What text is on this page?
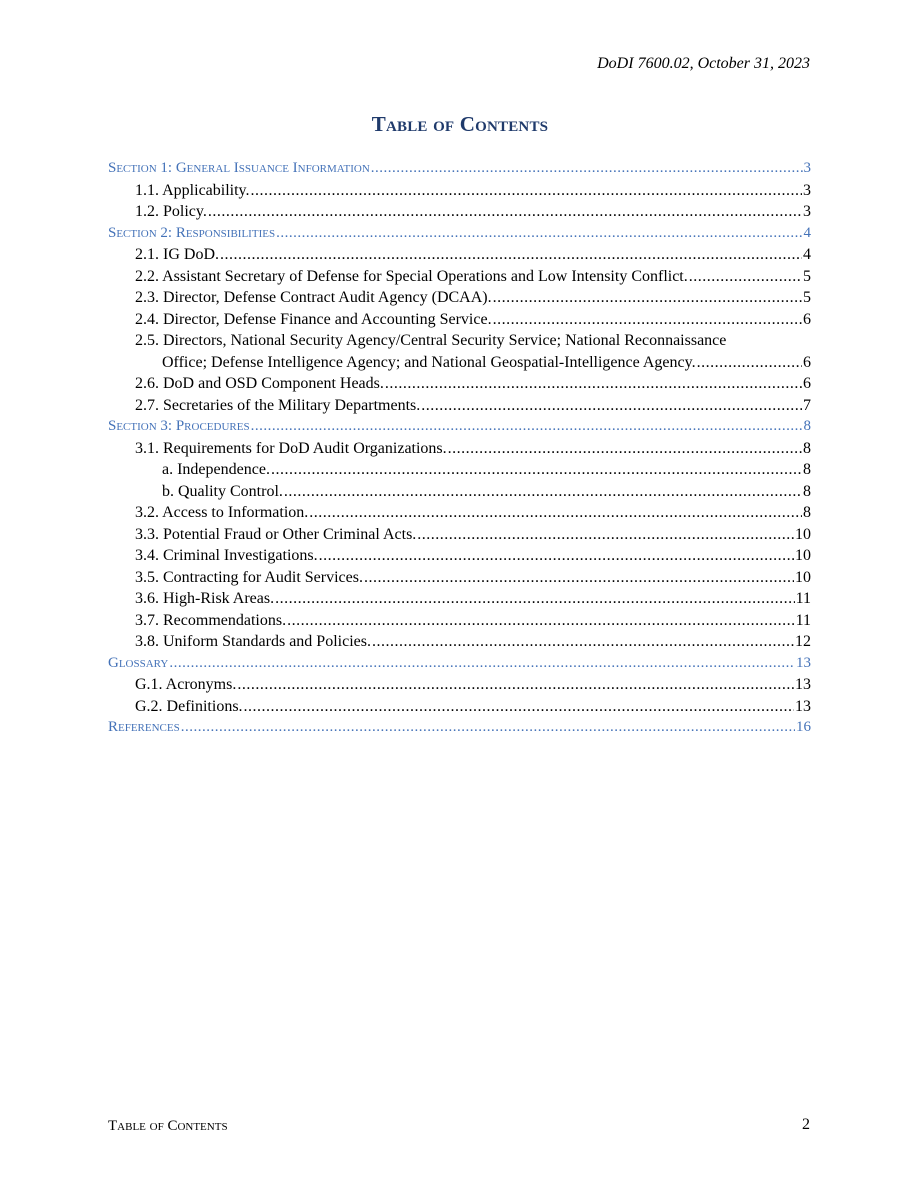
DoDI 7600.02, October 31, 2023
Table of Contents
Section 1: General Issuance Information .....	3
1.1. Applicability. .....	3
1.2. Policy. .....	3
Section 2: Responsibilities .....	4
2.1. IG DoD. .....	4
2.2. Assistant Secretary of Defense for Special Operations and Low Intensity Conflict. .....	5
2.3. Director, Defense Contract Audit Agency (DCAA). .....	5
2.4. Director, Defense Finance and Accounting Service. .....	6
2.5. Directors, National Security Agency/Central Security Service; National Reconnaissance
Office; Defense Intelligence Agency; and National Geospatial-Intelligence Agency. .....	6
2.6. DoD and OSD Component Heads. .....	6
2.7. Secretaries of the Military Departments. .....	7
Section 3: Procedures .....	8
3.1. Requirements for DoD Audit Organizations. .....	8
a. Independence. .....	8
b. Quality Control. .....	8
3.2. Access to Information. .....	8
3.3. Potential Fraud or Other Criminal Acts. .....	10
3.4. Criminal Investigations. .....	10
3.5. Contracting for Audit Services. .....	10
3.6. High-Risk Areas. .....	11
3.7. Recommendations. .....	11
3.8. Uniform Standards and Policies. .....	12
Glossary .....	13
G.1. Acronyms. .....	13
G.2. Definitions. .....	13
References .....	16
Table of Contents	2
